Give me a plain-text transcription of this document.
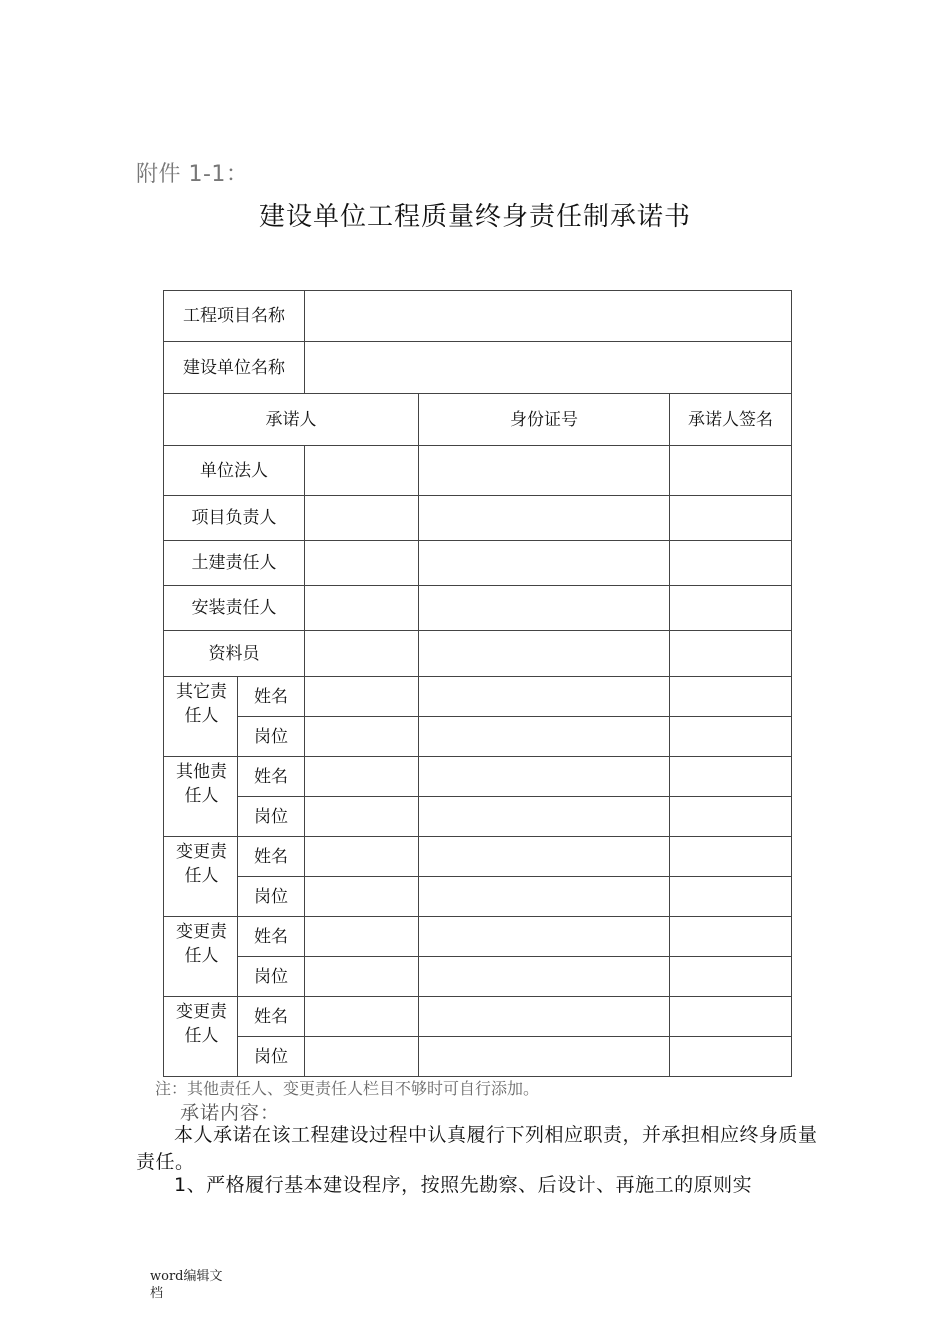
附件 1-1：
建设单位工程质量终身责任制承诺书
工程项目名称				
建设单位名称				
承诺人			身份证号	承诺人签名
单位法人				
项目负责人				
土建责任人				
安装责任人				
资料员				
其它责任人	姓名			
	岗位			
其他责任人	姓名			
	岗位			
变更责任人	姓名			
	岗位			
变更责任人	姓名			
	岗位			
变更责任人	姓名			
	岗位			
注：其他责任人、变更责任人栏目不够时可自行添加。
承诺内容：
本人承诺在该工程建设过程中认真履行下列相应职责，并承担相应终身质量责任。
1、严格履行基本建设程序，按照先勘察、后设计、再施工的原则实
word编辑文档
